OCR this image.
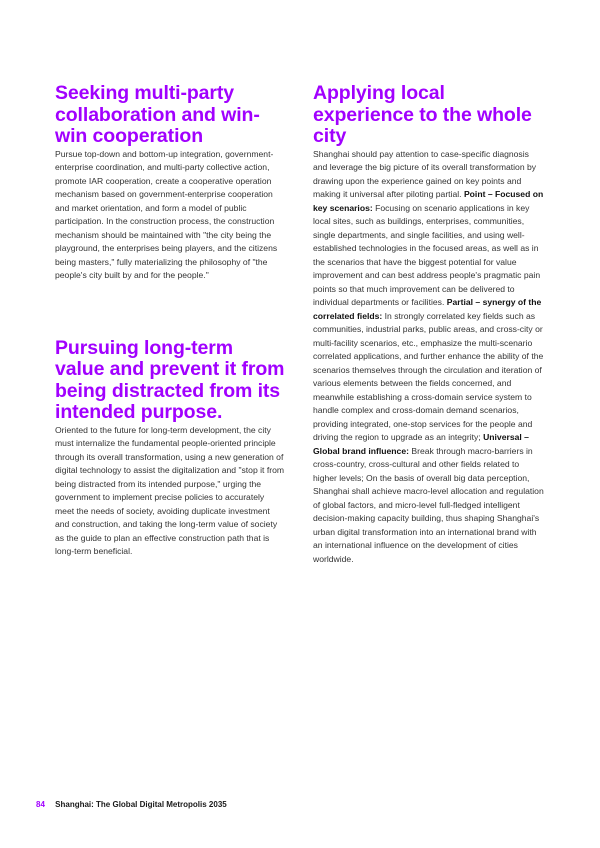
Seeking multi-party collaboration and win-win cooperation

Pursue top-down and bottom-up integration, government-enterprise coordination, and multi-party collective action, promote IAR cooperation, create a cooperative operation mechanism based on government-enterprise cooperation and market orientation, and form a model of public participation. In the construction process, the construction mechanism should be maintained with "the city being the playground, the enterprises being players, and the citizens being masters," fully materializing the philosophy of "the people's city built by and for the people."

Pursuing long-term value and prevent it from being distracted from its intended purpose.

Oriented to the future for long-term development, the city must internalize the fundamental people-oriented principle through its overall transformation, using a new generation of digital technology to assist the digitalization and "stop it from being distracted from its intended purpose," urging the government to implement precise policies to accurately meet the needs of society, avoiding duplicate investment and construction, and taking the long-term value of society as the guide to plan an effective construction path that is long-term beneficial.

Applying local experience to the whole city

Shanghai should pay attention to case-specific diagnosis and leverage the big picture of its overall transformation by drawing upon the experience gained on key points and making it universal after piloting partial. Point – Focused on key scenarios: Focusing on scenario applications in key local sites, such as buildings, enterprises, communities, single departments, and single facilities, and using well-established technologies in the focused areas, as well as in the scenarios that have the biggest potential for value improvement and can best address people's pragmatic pain points so that much improvement can be delivered to individual departments or facilities. Partial – synergy of the correlated fields: In strongly correlated key fields such as communities, industrial parks, public areas, and cross-city or multi-facility scenarios, etc., emphasize the multi-scenario correlated applications, and further enhance the ability of the scenarios themselves through the circulation and iteration of various elements between the fields concerned, and meanwhile establishing a cross-domain service system to handle complex and cross-domain demand scenarios, providing integrated, one-stop services for the people and driving the region to upgrade as an integrity; Universal – Global brand influence: Break through macro-barriers in cross-country, cross-cultural and other fields related to higher levels; On the basis of overall big data perception, Shanghai shall achieve macro-level allocation and regulation of global factors, and micro-level full-fledged intelligent decision-making capacity building, thus shaping Shanghai's urban digital transformation into an international brand with an international influence on the development of cities worldwide.

84 Shanghai: The Global Digital Metropolis 2035
